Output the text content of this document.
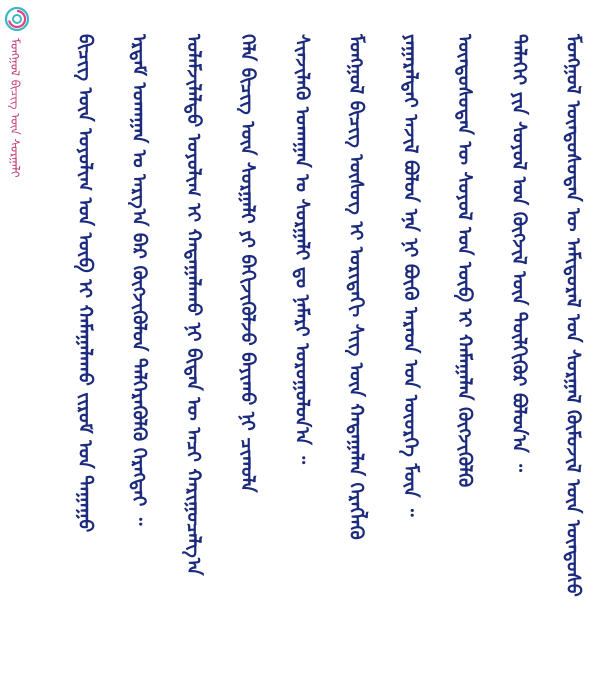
ᠮᠣᠩᠭᠣᠯ ᠪᠢᠴᠢᠭ ᠦᠨ ᠰᠤᠷᠭᠠᠯᠢ	ᠪᠢᠴᠢᠭ ᠦᠨ ᠣᠶᠤᠯᠢᠭ ᠤᠨ ᠥᠪ ᠢ ᠬᠠᠮᠠᠭᠠᠯᠠᠬᠤ ᠵᠢᠷᠤᠮ ᠤᠨ ᠳᠠᠭᠠᠭᠤ	ᠡᠷᠳᠡᠮ ᠤᠬᠠᠭᠠᠨ ᠤ ᠠᠷᠭ᠎ᠠ ᠪᠠᠷ ᠬᠥᠭᠵᠢᠭᠦᠯᠦᠨ ᠳᠡᠯᠭᠡᠷᠡᠭᠦᠯᠬᠦ ᠬᠡᠷᠡᠭᠲᠡᠢ ᠃	ᠤᠯᠠᠮᠵᠢᠯᠠᠯᠲᠤ ᠤᠶᠤᠯᠢᠭ ᠢ ᠬᠠᠳᠠᠭᠠᠯᠠᠬᠤ ᠨᠢ ᠪᠢᠳᠡᠨ ᠦ ᠠᠴᠢ ᠬᠠᠷᠢᠭᠤᠴᠠᠯᠭ᠎ᠠ	ᠬᠡᠯᠡ ᠪᠢᠴᠢᠭ ᠦᠨ ᠰᠤᠷᠭᠠᠯᠢ ᠶᠢ ᠪᠡᠬᠢᠵᠢᠭᠦᠯᠵᠦ ᠪᠠᠶᠢᠬᠤ ᠨᠢ ᠴᠢᠬᠤᠯᠠ	ᠰᠢᠨᠵᠢᠯᠡᠬᠦ ᠤᠬᠠᠭᠠᠨ ᠤ ᠰᠤᠷᠭᠠᠯᠢ ᠳᠤ ᠨᠡᠮᠡᠷᠢ ᠣᠷᠣᠭᠤᠯᠤᠨ᠎ᠠ ᠃	ᠮᠣᠩᠭᠣᠯ ᠪᠢᠴᠢᠭ ᠦᠰᠦᠭ ᠢ ᠤᠷᠢᠳᠠᠬᠢ ᠰᠢᠭ ᠦᠨ ᠬᠠᠳᠠᠭᠠᠯᠠᠨ ᠬᠡᠷᠡᠭᠯᠡᠬᠦ	ᠶᠠᠭᠠᠷᠠᠯᠲᠠᠢ ᠠᠵᠢᠯ ᠪᠣᠯᠤᠨ ᠡᠨᠡ ᠨᠢ ᠪᠦᠬᠦ ᠠᠷᠠᠳ ᠤᠨ ᠦᠦᠷᠭᠡ ᠮᠥᠨ ᠃	ᠦᠨᠳᠦᠰᠦᠲᠡᠨ ᠦ ᠰᠣᠶᠣᠯ ᠤᠨ ᠥᠪ ᠢ ᠬᠠᠮᠠᠭᠠᠯᠠᠨ ᠬᠥᠭᠵᠢᠭᠦᠯᠬᠦ	ᠳᠡᠯᠡᠬᠡᠢ ᠶᠢᠨ ᠰᠣᠶᠣᠯ ᠤᠨ ᠬᠥᠭᠵᠢᠯ ᠦᠨ ᠲᠦᠯᠬᠢᠭᠦᠷ ᠪᠣᠯᠤᠨ᠎ᠠ ᠃	ᠮᠣᠩᠭᠣᠯ ᠦᠨᠳᠦᠰᠦᠲᠡᠨ ᠦ ᠠᠮᠢᠳᠤᠷᠠᠯ ᠤᠨ ᠰᠤᠷᠭᠠᠯ ᠬᠦᠮᠦᠵᠢᠯ ᠦᠨ ᠦᠨᠳᠦᠰᠦ
